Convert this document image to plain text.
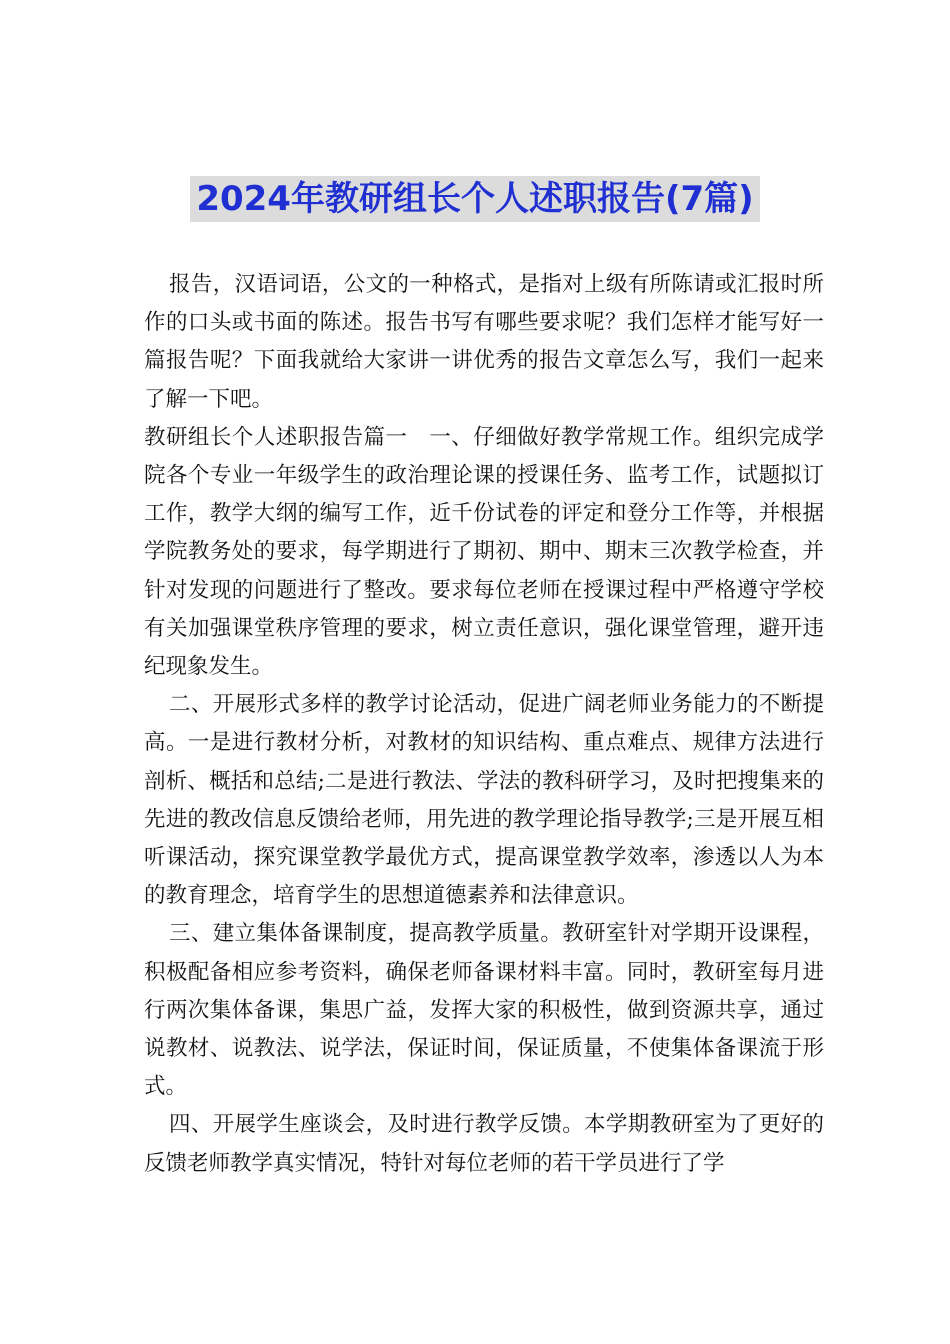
2024年教研组长个人述职报告(7篇)

报告，汉语词语，公文的一种格式，是指对上级有所陈请或汇报时所作的口头或书面的陈述。报告书写有哪些要求呢？我们怎样才能写好一篇报告呢？下面我就给大家讲一讲优秀的报告文章怎么写，我们一起来了解一下吧。

教研组长个人述职报告篇一　一、仔细做好教学常规工作。组织完成学院各个专业一年级学生的政治理论课的授课任务、监考工作，试题拟订工作，教学大纲的编写工作，近千份试卷的评定和登分工作等，并根据学院教务处的要求，每学期进行了期初、期中、期末三次教学检查，并针对发现的问题进行了整改。要求每位老师在授课过程中严格遵守学校有关加强课堂秩序管理的要求，树立责任意识，强化课堂管理，避开违纪现象发生。

二、开展形式多样的教学讨论活动，促进广阔老师业务能力的不断提高。一是进行教材分析，对教材的知识结构、重点难点、规律方法进行剖析、概括和总结;二是进行教法、学法的教科研学习，及时把搜集来的先进的教改信息反馈给老师，用先进的教学理论指导教学;三是开展互相听课活动，探究课堂教学最优方式，提高课堂教学效率，渗透以人为本的教育理念，培育学生的思想道德素养和法律意识。

三、建立集体备课制度，提高教学质量。教研室针对学期开设课程，积极配备相应参考资料，确保老师备课材料丰富。同时，教研室每月进行两次集体备课，集思广益，发挥大家的积极性，做到资源共享，通过说教材、说教法、说学法，保证时间，保证质量，不使集体备课流于形式。

四、开展学生座谈会，及时进行教学反馈。本学期教研室为了更好的反馈老师教学真实情况，特针对每位老师的若干学员进行了学
